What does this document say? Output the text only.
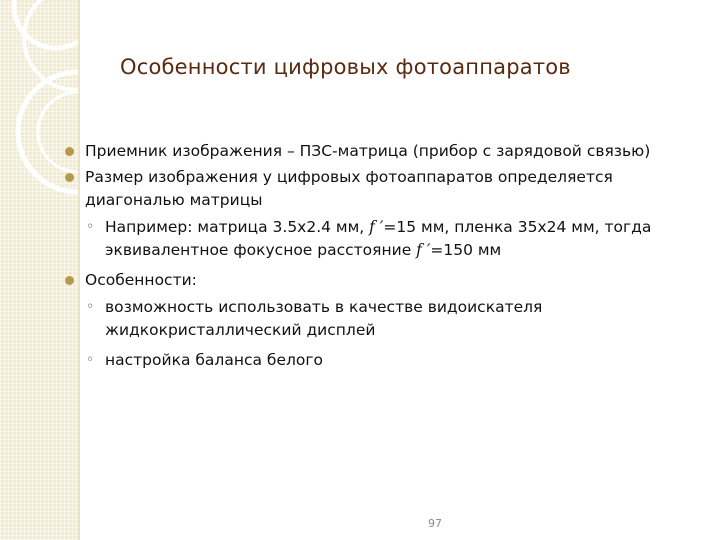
Особенности цифровых фотоаппаратов
Приемник изображения – ПЗС-матрица (прибор с зарядовой связью)
Размер изображения у цифровых фотоаппаратов определяется диагональю матрицы
◦ Например: матрица 3.5x2.4 мм, f ′=15 мм, пленка 35x24 мм, тогда эквивалентное фокусное расстояние f ′=150 мм
Особенности:
◦ возможность использовать в качестве видоискателя жидкокристаллический дисплей
◦ настройка баланса белого
97
